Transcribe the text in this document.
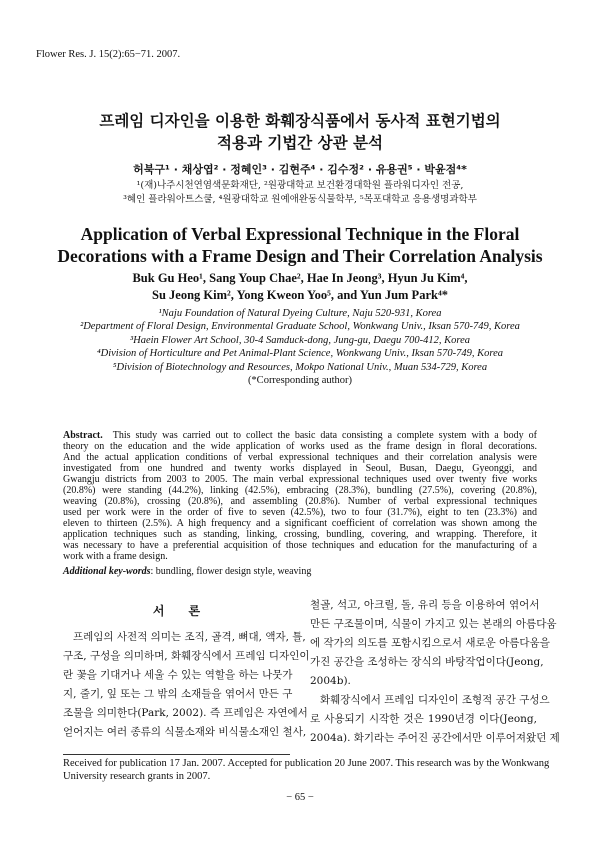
Flower Res. J. 15(2):65−71. 2007.
프레임 디자인을 이용한 화훼장식품에서 동사적 표현기법의
적용과 기법간 상관 분석
허북구¹ · 채상엽² · 정혜인³ · 김현주⁴ · 김수정² · 유용권⁵ · 박윤점⁴*
¹(재)나주시천연염색문화재단, ²원광대학교 보건환경대학원 플라워디자인 전공,
³혜인 플라워아트스쿨, ⁴원광대학교 원예애완동식물학부, ⁵목포대학교 응용생명과학부
Application of Verbal Expressional Technique in the Floral
Decorations with a Frame Design and Their Correlation Analysis
Buk Gu Heo¹, Sang Youp Chae², Hae In Jeong³, Hyun Ju Kim⁴,
Su Jeong Kim², Yong Kweon Yoo⁵, and Yun Jum Park⁴*
¹Naju Foundation of Natural Dyeing Culture, Naju 520-931, Korea
²Department of Floral Design, Environmental Graduate School, Wonkwang Univ., Iksan 570-749, Korea
³Haein Flower Art School, 30-4 Samduck-dong, Jung-gu, Daegu 700-412, Korea
⁴Division of Horticulture and Pet Animal-Plant Science, Wonkwang Univ., Iksan 570-749, Korea
⁵Division of Biotechnology and Resources, Mokpo National Univ., Muan 534-729, Korea
(*Corresponding author)
Abstract. This study was carried out to collect the basic data consisting a complete system with a body of
theory on the education and the wide application of works used as the frame design in floral decorations.
And the actual application conditions of verbal expressional techniques and their correlation analysis were
investigated from one hundred and twenty works displayed in Seoul, Busan, Daegu, Gyeonggi, and
Gwangju districts from 2003 to 2005. The main verbal expressional techniques used over twenty five works
(20.8%) were standing (44.2%), linking (42.5%), embracing (28.3%), bundling (27.5%), covering (20.8%),
weaving (20.8%), crossing (20.8%), and assembling (20.8%). Number of verbal expressional techniques
used per work were in the order of five to seven (42.5%), two to four (31.7%), eight to ten (23.3%) and
eleven to thirteen (2.5%). A high frequency and a significant coefficient of correlation was shown among the
application techniques such as standing, linking, crossing, bundling, covering, and wrapping. Therefore, it
was necessary to have a preferential acquisition of those techniques and education for the manufacturing of a
work with a frame design.
Additional key-words: bundling, flower design style, weaving
서　　론
프레임의 사전적 의미는 조직, 골격, 뼈대, 액자, 틀,
구조, 구성을 의미하며, 화훼장식에서 프레임 디자인이
란 꽃을 기대거나 세울 수 있는 역할을 하는 나뭇가
지, 줄기, 잎 또는 그 밖의 소재들을 엮어서 만든 구
조물을 의미한다(Park, 2002). 즉 프레임은 자연에서
얻어지는 여러 종류의 식물소재와 비식물소재인 철사,
철골, 석고, 아크릴, 돌, 유리 등을 이용하여 엮어서
만든 구조물이며, 식물이 가지고 있는 본래의 아름다움
에 작가의 의도를 포함시킴으로서 새로운 아름다움을
가진 공간을 조성하는 장식의 바탕작업이다(Jeong,
2004b).
화훼장식에서 프레임 디자인이 조형적 공간 구성으
로 사용되기 시작한 것은 1990년경 이다(Jeong,
2004a). 화기라는 주어진 공간에서만 이루어져왔던 제
Received for publication 17 Jan. 2007. Accepted for publication 20 June 2007. This research was by the Wonkwang
University research grants in 2007.
− 65 −
